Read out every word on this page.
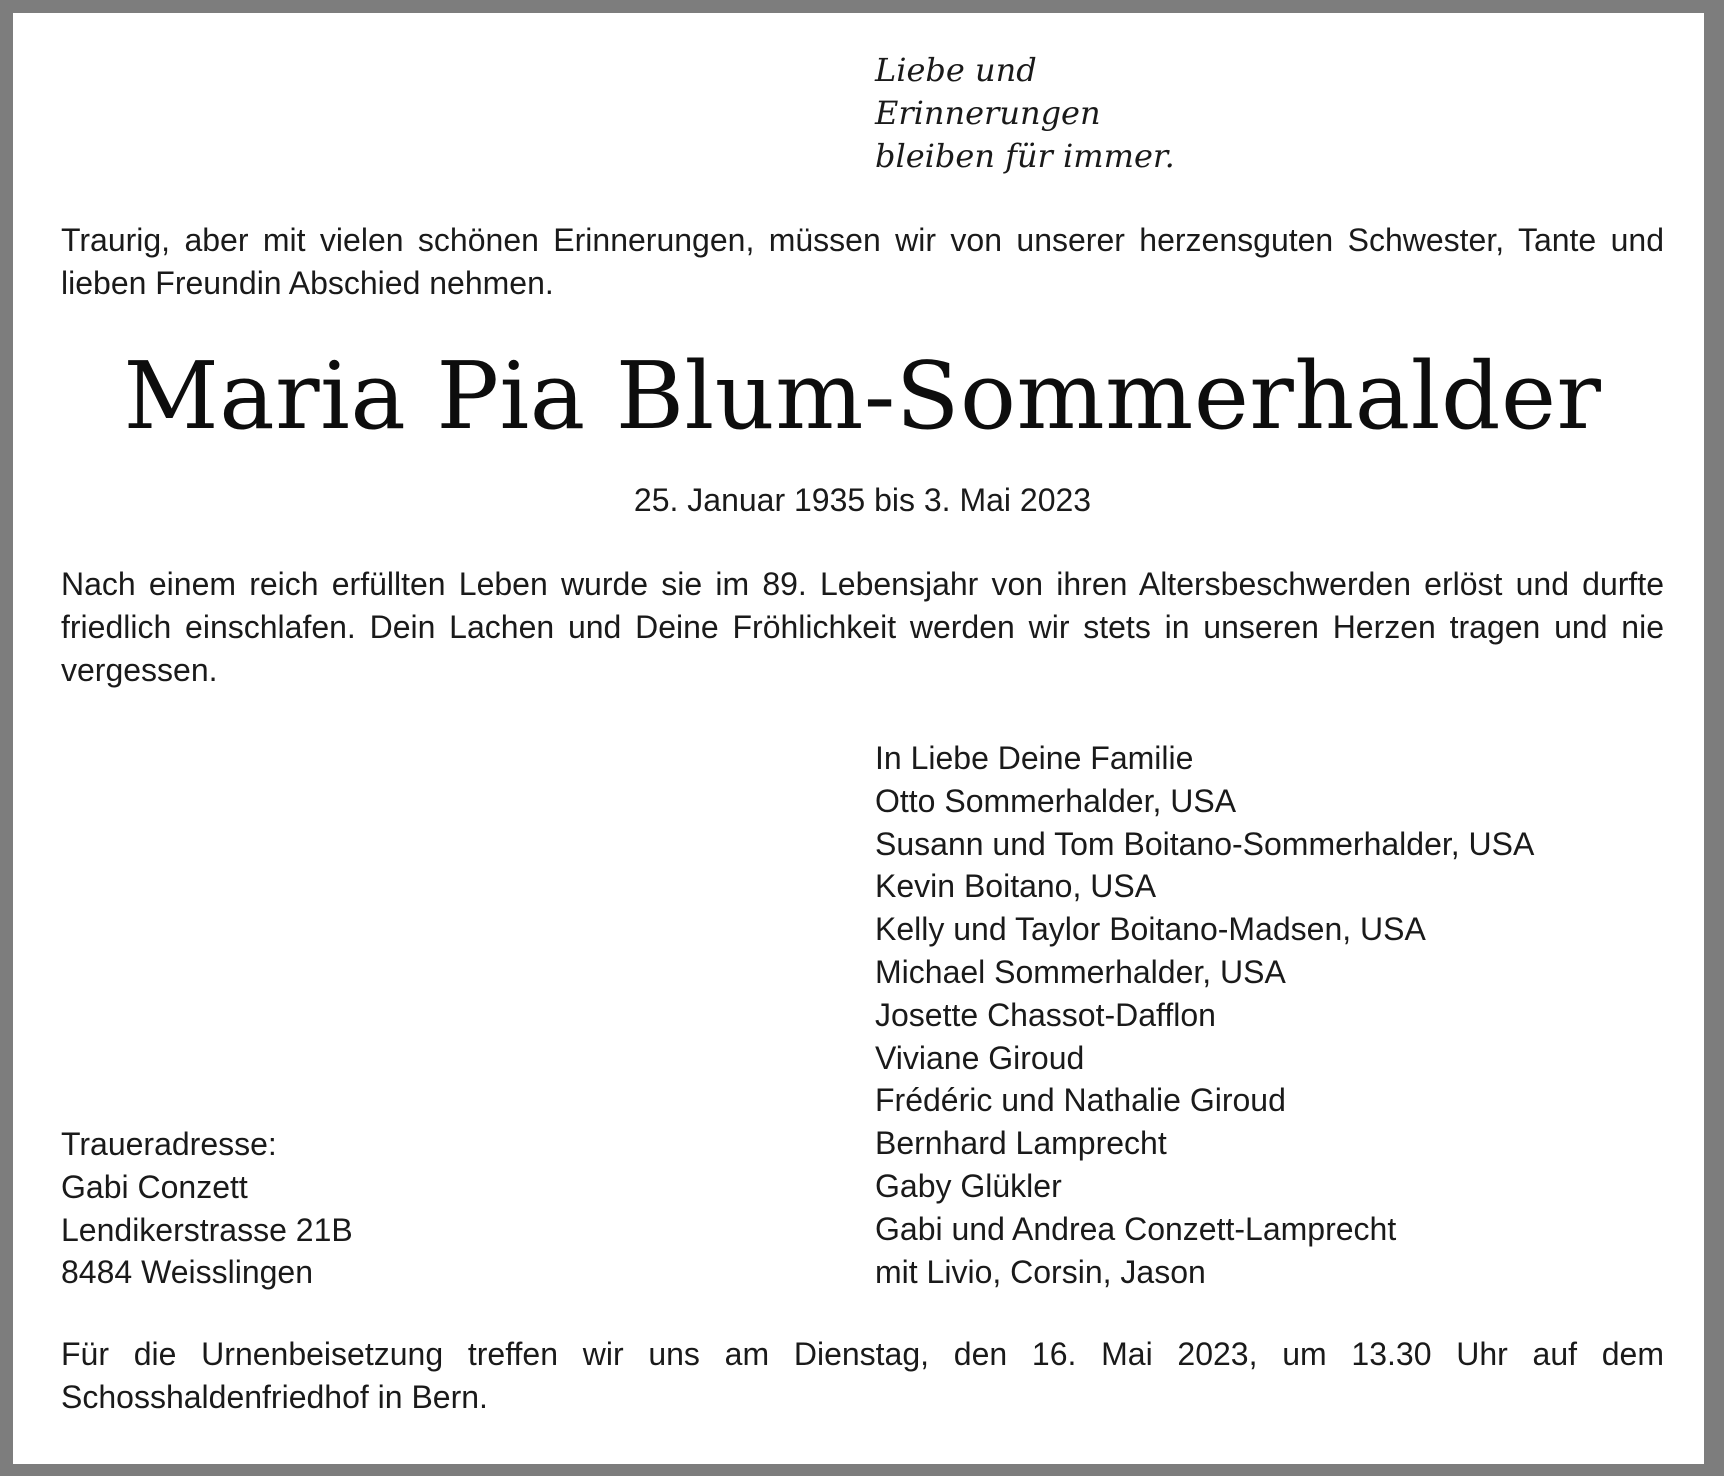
Liebe und
Erinnerungen
bleiben für immer.
Traurig, aber mit vielen schönen Erinnerungen, müssen wir von unserer herzensguten Schwester, Tante und lieben Freundin Abschied nehmen.
Maria Pia Blum-Sommerhalder
25. Januar 1935 bis 3. Mai 2023
Nach einem reich erfüllten Leben wurde sie im 89. Lebensjahr von ihren Altersbeschwerden erlöst und durfte friedlich einschlafen. Dein Lachen und Deine Fröhlichkeit werden wir stets in unseren Herzen tragen und nie vergessen.
In Liebe Deine Familie
Otto Sommerhalder, USA
Susann und Tom Boitano-Sommerhalder, USA
Kevin Boitano, USA
Kelly und Taylor Boitano-Madsen, USA
Michael Sommerhalder, USA
Josette Chassot-Dafflon
Viviane Giroud
Frédéric und Nathalie Giroud
Bernhard Lamprecht
Gaby Glükler
Gabi und Andrea Conzett-Lamprecht
mit Livio, Corsin, Jason
Traueradresse:
Gabi Conzett
Lendikerstrasse 21B
8484 Weisslingen
Für die Urnenbeisetzung treffen wir uns am Dienstag, den 16. Mai 2023, um 13.30 Uhr auf dem Schosshaldenfriedhof in Bern.
